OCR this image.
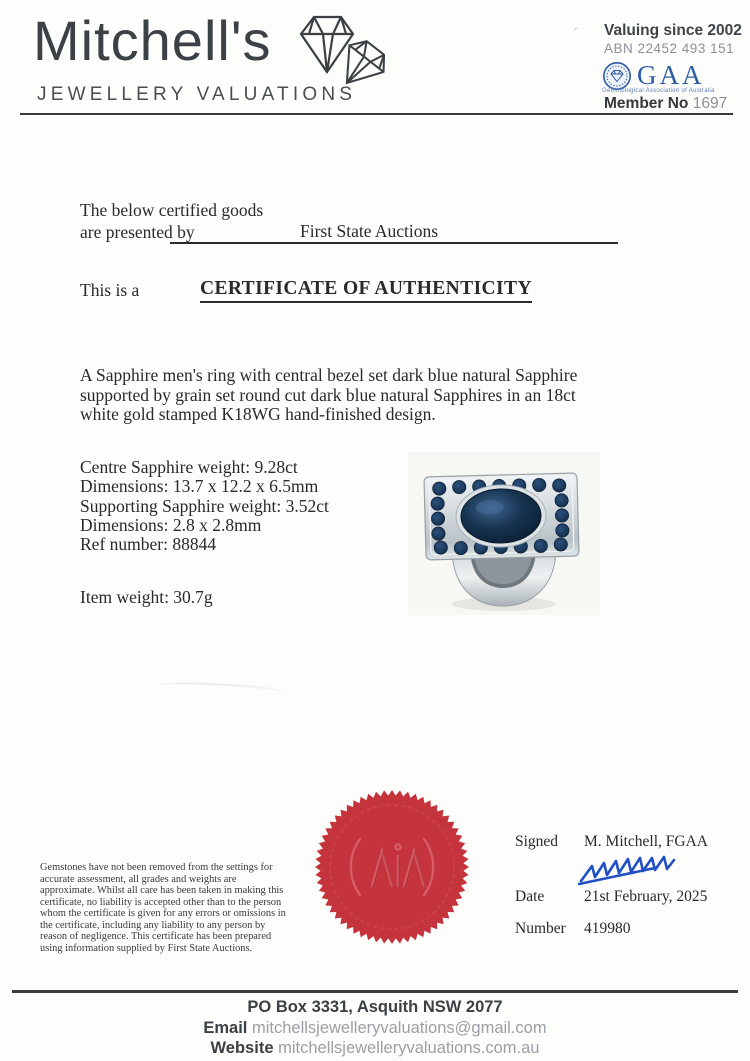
Mitchell's
JEWELLERY VALUATIONS
⌃ Valuing since 2002
ABN 22452 493 151
GAA
Gemmological Association of Australia
Member No 1697
The below certified goods
are presented by	First State Auctions
This is a	CERTIFICATE OF AUTHENTICITY
A Sapphire men's ring with central bezel set dark blue natural Sapphire supported by grain set round cut dark blue natural Sapphires in an 18ct white gold stamped K18WG hand-finished design.
Centre Sapphire weight: 9.28ct
Dimensions: 13.7 x 12.2 x 6.5mm
Supporting Sapphire weight: 3.52ct
Dimensions: 2.8 x 2.8mm
Ref number: 88844
Item weight: 30.7g
Gemstones have not been removed from the settings for accurate assessment, all grades and weights are approximate. Whilst all care has been taken in making this certificate, no liability is accepted other than to the person whom the certificate is given for any errors or omissions in the certificate, including any liability to any person by reason of negligence. This certificate has been prepared using information supplied by First State Auctions.
Signed M. Mitchell, FGAA
Date	21st February, 2025
Number 419980
PO Box 3331, Asquith NSW 2077
Email mitchellsjewelleryvaluations@gmail.com
Website mitchellsjewelleryvaluations.com.au
